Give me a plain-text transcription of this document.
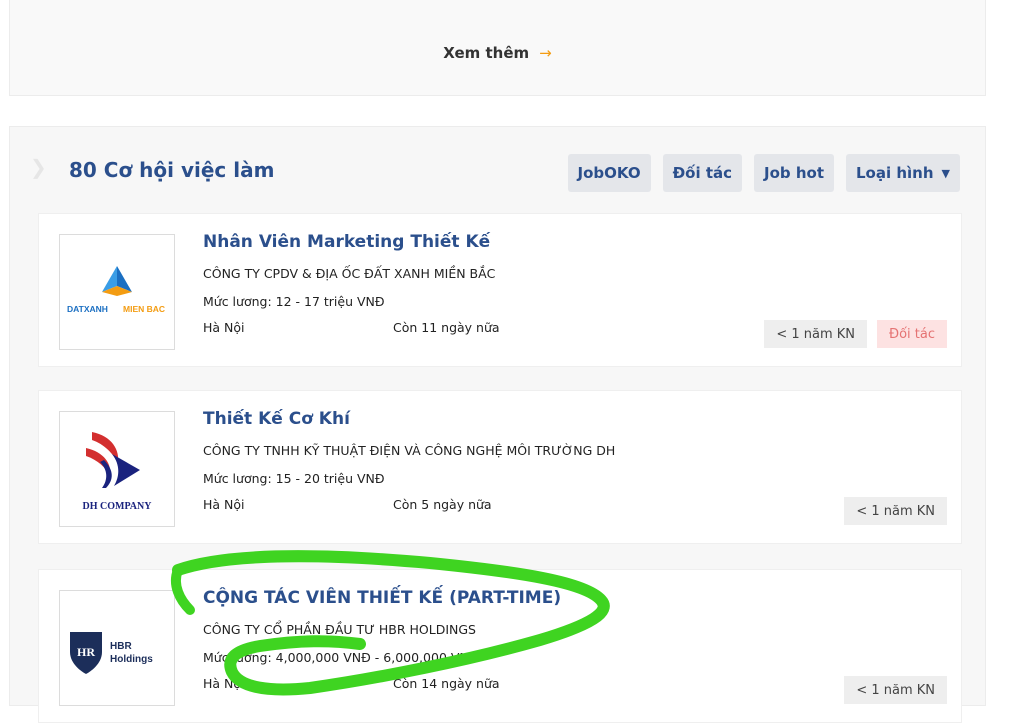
Xem thêm →
❯ 80 Cơ hội việc làm	JobOKO Đối tác Job hot Loại hình ▼
DATXANH MIEN BAC
Nhân Viên Marketing Thiết Kế
CÔNG TY CPDV & ĐỊA ỐC ĐẤT XANH MIỀN BẮC
Mức lương: 12 - 17 triệu VNĐ
Hà Nội	Còn 11 ngày nữa	< 1 năm KN	Đối tác
DH COMPANY
Thiết Kế Cơ Khí
CÔNG TY TNHH KỸ THUẬT ĐIỆN VÀ CÔNG NGHỆ MÔI TRƯỜNG DH
Mức lương: 15 - 20 triệu VNĐ
Hà Nội	Còn 5 ngày nữa	< 1 năm KN
HR HBR
Holdings
CỘNG TÁC VIÊN THIẾT KẾ (PART-TIME)
CÔNG TY CỔ PHẦN ĐẦU TƯ HBR HOLDINGS
Mức lương: 4,000,000 VNĐ - 6,000,000 VNĐ
Hà Nội	Còn 14 ngày nữa	< 1 năm KN
